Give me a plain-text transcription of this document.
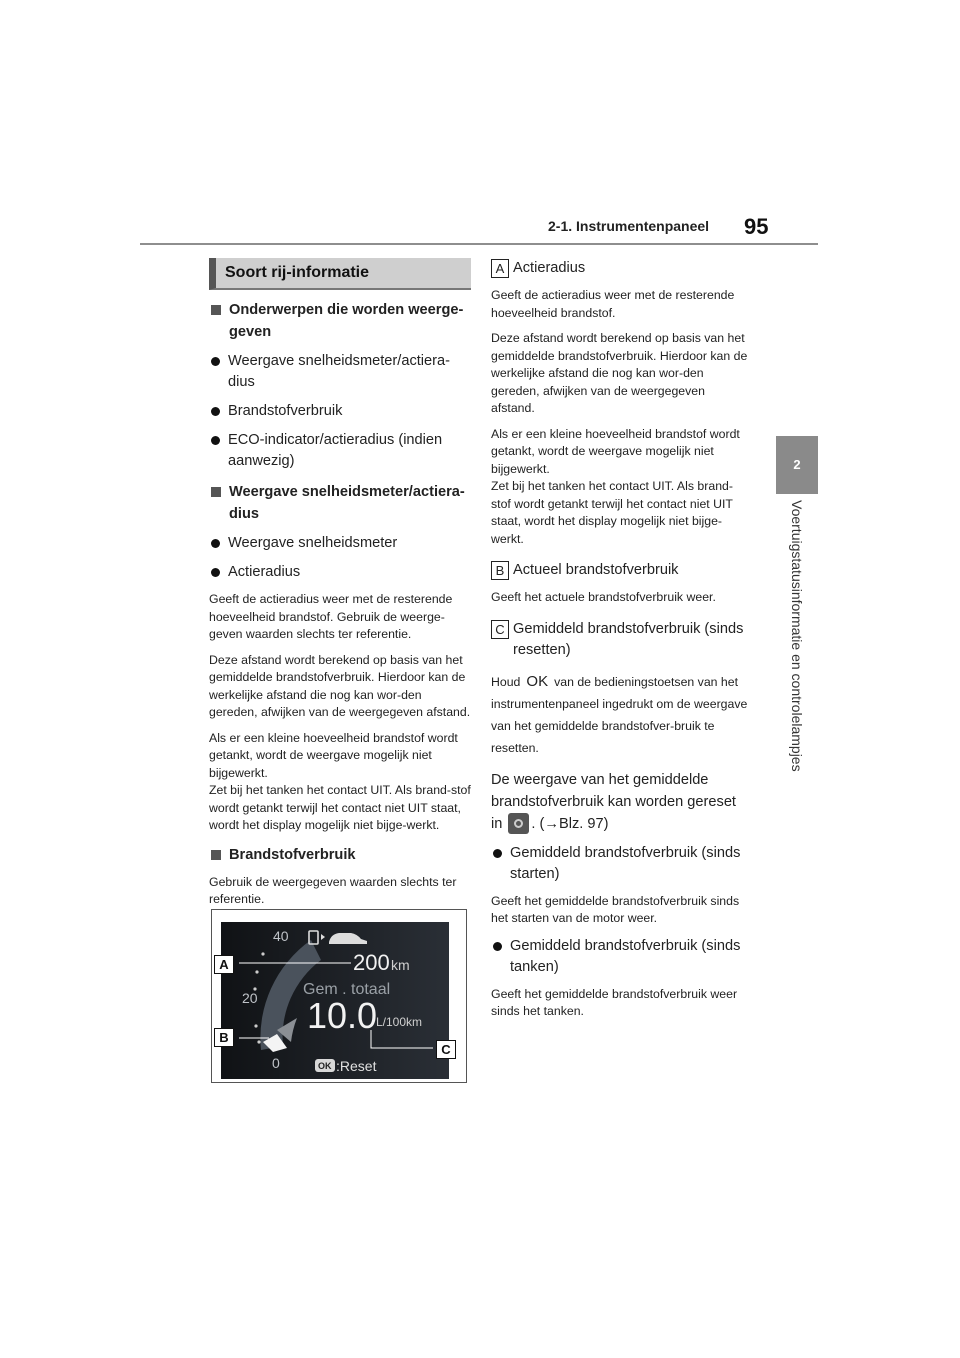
2-1. Instrumentenpaneel 95
2
Voertuigstatusinformatie en controlelampjes
Soort rij-informatie
Onderwerpen die worden weerge-geven
Weergave snelheidsmeter/actiera-dius
Brandstofverbruik
ECO-indicator/actieradius (indien aanwezig)
Weergave snelheidsmeter/actiera-dius
Weergave snelheidsmeter
Actieradius
Geeft de actieradius weer met de resterende hoeveelheid brandstof. Gebruik de weerge-geven waarden slechts ter referentie.
Deze afstand wordt berekend op basis van het gemiddelde brandstofverbruik. Hierdoor kan de werkelijke afstand die nog kan wor-den gereden, afwijken van de weergegeven afstand.
Als er een kleine hoeveelheid brandstof wordt getankt, wordt de weergave mogelijk niet bijgewerkt.
Zet bij het tanken het contact UIT. Als brand-stof wordt getankt terwijl het contact niet UIT staat, wordt het display mogelijk niet bijge-werkt.
Brandstofverbruik
Gebruik de weergegeven waarden slechts ter referentie.
40
20
0
200 km
Gem . totaal
10.0
L/100km
OK :Reset
A
B
C
A Actieradius
Geeft de actieradius weer met de resterende hoeveelheid brandstof.
Deze afstand wordt berekend op basis van het gemiddelde brandstofverbruik. Hierdoor kan de werkelijke afstand die nog kan wor-den gereden, afwijken van de weergegeven afstand.
Als er een kleine hoeveelheid brandstof wordt getankt, wordt de weergave mogelijk niet bijgewerkt.
Zet bij het tanken het contact UIT. Als brand-stof wordt getankt terwijl het contact niet UIT staat, wordt het display mogelijk niet bijge-werkt.
B Actueel brandstofverbruik
Geeft het actuele brandstofverbruik weer.
C Gemiddeld brandstofverbruik (sinds resetten)
Houd OK van de bedieningstoetsen van het instrumentenpaneel ingedrukt om de weergave van het gemiddelde brandstofver-bruik te resetten.
De weergave van het gemiddelde brandstofverbruik kan worden gereset in . (→Blz. 97)
Gemiddeld brandstofverbruik (sinds starten)
Geeft het gemiddelde brandstofverbruik sinds het starten van de motor weer.
Gemiddeld brandstofverbruik (sinds tanken)
Geeft het gemiddelde brandstofverbruik weer sinds het tanken.
